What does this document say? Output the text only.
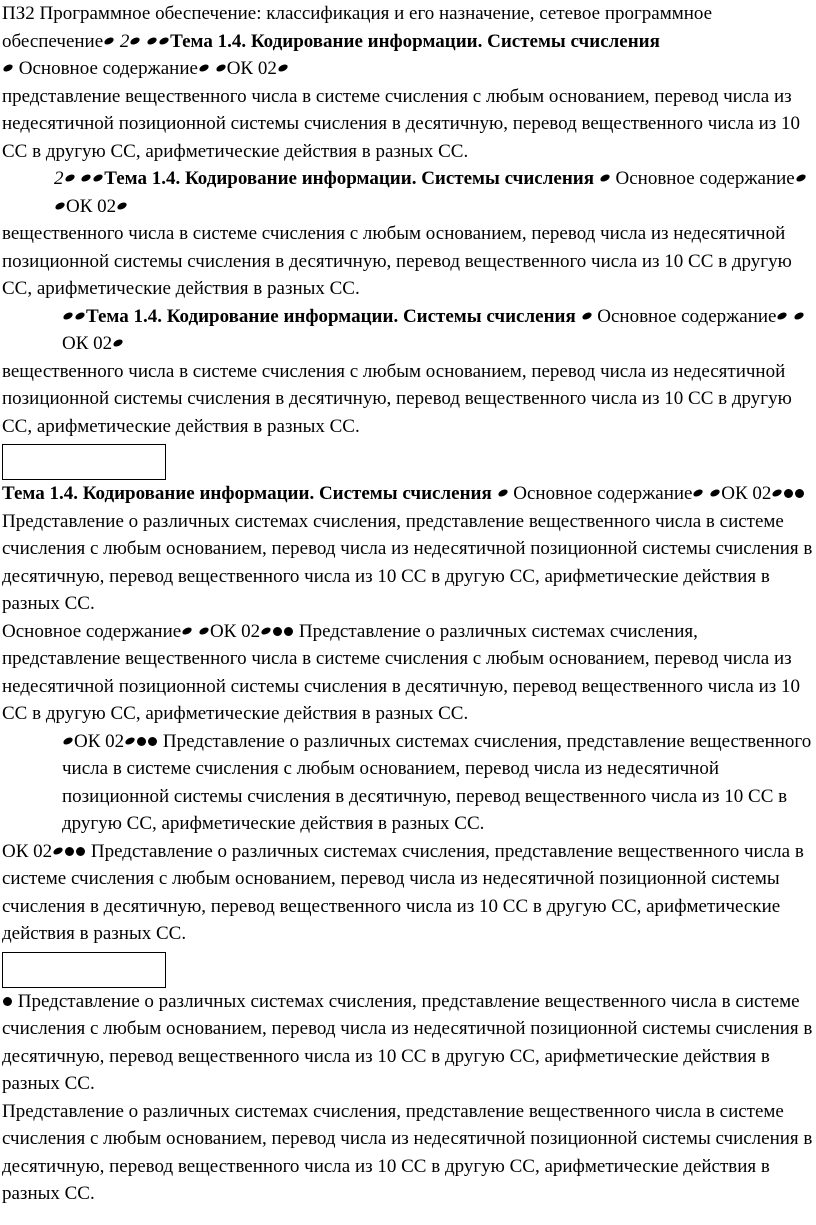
ПЗ2 Программное обеспечение: классификация и его назначение, сетевое программное обеспечение 2 Тема 1.4. Кодирование информации. Системы счисления
Основное содержание ОК 02
представление вещественного числа в системе счисления с любым основанием, перевод числа из недесятичной позиционной системы счисления в десятичную, перевод вещественного числа из 10 СС в другую СС, арифметические действия в разных СС.

2 Тема 1.4. Кодирование информации. Системы счисления Основное содержание ОК 02

вещественного числа в системе счисления с любым основанием, перевод числа из недесятичной позиционной системы счисления в десятичную, перевод вещественного числа из 10 СС в другую СС, арифметические действия в разных СС.

Тема 1.4. Кодирование информации. Системы счисления Основное содержание ОК 02

вещественного числа в системе счисления с любым основанием, перевод числа из недесятичной позиционной системы счисления в десятичную, перевод вещественного числа из 10 СС в другую СС, арифметические действия в разных СС.

Тема 1.4. Кодирование информации. Системы счисления Основное содержание ОК 02 Представление о различных системах счисления, представление вещественного числа в системе счисления с любым основанием, перевод числа из недесятичной позиционной системы счисления в десятичную, перевод вещественного числа из 10 СС в другую СС, арифметические действия в разных СС.

Основное содержание ОК 02 Представление о различных системах счисления, представление вещественного числа в системе счисления с любым основанием, перевод числа из недесятичной позиционной системы счисления в десятичную, перевод вещественного числа из 10 СС в другую СС, арифметические действия в разных СС.

ОК 02 Представление о различных системах счисления, представление вещественного числа в системе счисления с любым основанием, перевод числа из недесятичной позиционной системы счисления в десятичную, перевод вещественного числа из 10 СС в другую СС, арифметические действия в разных СС.

ОК 02 Представление о различных системах счисления, представление вещественного числа в системе счисления с любым основанием, перевод числа из недесятичной позиционной системы счисления в десятичную, перевод вещественного числа из 10 СС в другую СС, арифметические действия в разных СС.

Представление о различных системах счисления, представление вещественного числа в системе счисления с любым основанием, перевод числа из недесятичной позиционной системы счисления в десятичную, перевод вещественного числа из 10 СС в другую СС, арифметические действия в разных СС.

Представление о различных системах счисления, представление вещественного числа в системе счисления с любым основанием, перевод числа из недесятичной позиционной системы счисления в десятичную, перевод вещественного числа из 10 СС в другую СС, арифметические действия в разных СС.
